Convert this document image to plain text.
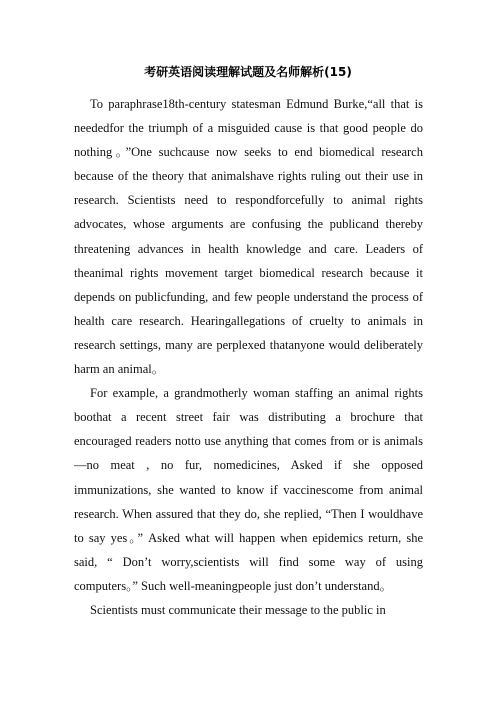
考研英语阅读理解试题及名师解析(15)

To paraphrase18th-century statesman Edmund Burke,“all that is neededfor the triumph of a misguided cause is that good people do nothing。”One suchcause now seeks to end biomedical research because of the theory that animalshave rights ruling out their use in research. Scientists need to respondforcefully to animal rights advocates, whose arguments are confusing the publicand thereby threatening advances in health knowledge and care. Leaders of theanimal rights movement target biomedical research because it depends on publicfunding, and few people understand the process of health care research. Hearingallegations of cruelty to animals in research settings, many are perplexed thatanyone would deliberately harm an animal。

For example, a grandmotherly woman staffing an animal rights boothat a recent street fair was distributing a brochure that encouraged readers notto use anything that comes from or is animals—no meat , no fur, nomedicines, Asked if she opposed immunizations, she wanted to know if vaccinescome from animal research. When assured that they do, she replied, “Then I wouldhave to say yes。” Asked what will happen when epidemics return, she said, “ Don’t worry,scientists will find some way of using computers。” Such well-meaningpeople just don’t understand。

Scientists must communicate their message to the public in
